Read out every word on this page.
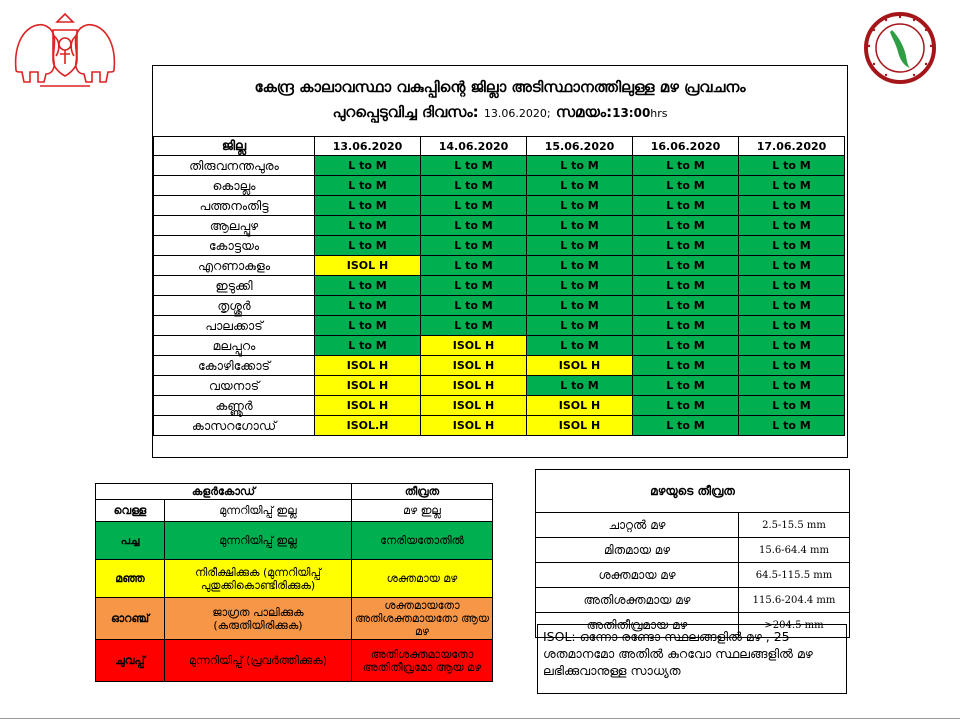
കേന്ദ്ര കാലാവസ്ഥാ വകുപ്പിന്റെ ജില്ലാ അടിസ്ഥാനത്തിലുള്ള മഴ പ്രവചനം
പുറപ്പെടുവിച്ച ദിവസം: 13.06.2020; സമയം:13:00hrs
ജില്ല	13.06.2020	14.06.2020	15.06.2020	16.06.2020	17.06.2020
തിരുവനന്തപുരം	L to M	L to M	L to M	L to M	L to M
കൊല്ലം	L to M	L to M	L to M	L to M	L to M
പത്തനംതിട്ട	L to M	L to M	L to M	L to M	L to M
ആലപ്പുഴ	L to M	L to M	L to M	L to M	L to M
കോട്ടയം	L to M	L to M	L to M	L to M	L to M
എറണാകുളം	ISOL H	L to M	L to M	L to M	L to M
ഇടുക്കി	L to M	L to M	L to M	L to M	L to M
തൃശ്ശൂർ	L to M	L to M	L to M	L to M	L to M
പാലക്കാട്	L to M	L to M	L to M	L to M	L to M
മലപ്പുറം	L to M	ISOL H	L to M	L to M	L to M
കോഴിക്കോട്	ISOL H	ISOL H	ISOL H	L to M	L to M
വയനാട്	ISOL H	ISOL H	L to M	L to M	L to M
കണ്ണൂർ	ISOL H	ISOL H	ISOL H	L to M	L to M
കാസറഗോഡ്	ISOL.H	ISOL H	ISOL H	L to M	L to M
കളർകോഡ്		തീവ്രത
വെള്ള	മുന്നറിയിപ്പ് ഇല്ല	മഴ ഇല്ല
പച്ച	മുന്നറിയിപ്പ് ഇല്ല	നേരിയതോതിൽ
മഞ്ഞ	നിരീക്ഷിക്കുക (മുന്നറിയിപ്പ് പുതുക്കികൊണ്ടിരിക്കുക)	ശക്തമായ മഴ
ഓറഞ്ച്	ജാഗ്രത പാലിക്കുക (കരുതിയിരിക്കുക)	ശക്തമായതോ അതിശക്തമായതോ ആയ മഴ
ചുവപ്പ്	മുന്നറിയിപ്പ് (പ്രവർത്തിക്കുക)	അതിശക്തമായതോ അതിതീവ്രമോ ആയ മഴ
മഴയുടെ തീവ്രത	
ചാറ്റൽ മഴ	2.5-15.5 mm
മിതമായ മഴ	15.6-64.4 mm
ശക്തമായ മഴ	64.5-115.5 mm
അതിശക്തമായ മഴ	115.6-204.4 mm
അതിതീവ്രമായ മഴ	>204.5 mm
ISOL: ഒന്നോ രണ്ടോ സ്ഥലങ്ങളിൽ മഴ , 25 ശതമാനമോ അതിൽ കുറവോ സ്ഥലങ്ങളിൽ മഴ ലഭിക്കുവാനുള്ള സാധ്യത
